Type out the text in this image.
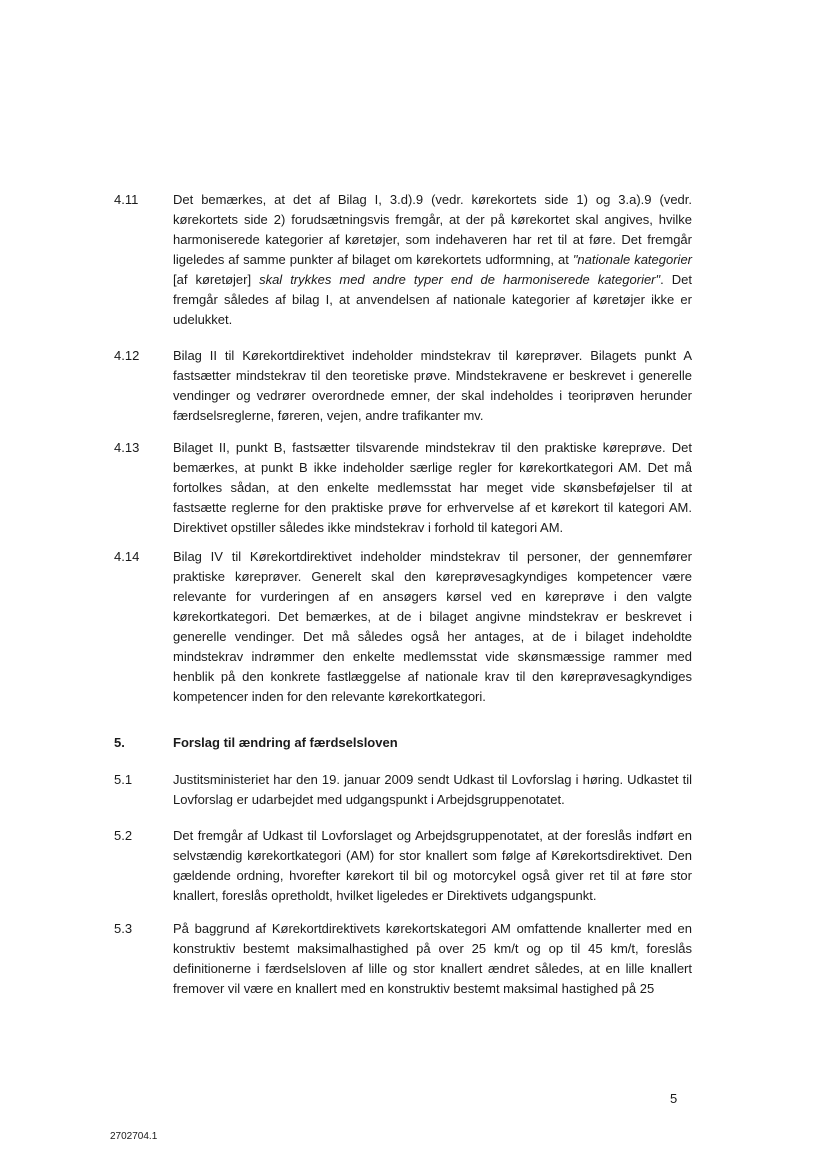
4.11	Det bemærkes, at det af Bilag I, 3.d).9 (vedr. kørekortets side 1) og 3.a).9 (vedr. kørekortets side 2) forudsætningsvis fremgår, at der på kørekortet skal angives, hvilke harmoniserede kategorier af køretøjer, som indehaveren har ret til at føre. Det fremgår ligeledes af samme punkter af bilaget om kørekortets udformning, at "nationale kategorier [af køretøjer] skal trykkes med andre typer end de harmoniserede kategorier". Det fremgår således af bilag I, at anvendelsen af nationale kategorier af køretøjer ikke er udelukket.
4.12	Bilag II til Kørekortdirektivet indeholder mindstekrav til køreprøver. Bilagets punkt A fastsætter mindstekrav til den teoretiske prøve. Mindstekravene er beskrevet i generelle vendinger og vedrører overordnede emner, der skal indeholdes i teoriprøven herunder færdselsreglerne, føreren, vejen, andre trafikanter mv.
4.13	Bilaget II, punkt B, fastsætter tilsvarende mindstekrav til den praktiske køreprøve. Det bemærkes, at punkt B ikke indeholder særlige regler for kørekortkategori AM. Det må fortolkes sådan, at den enkelte medlemsstat har meget vide skønsbeføjelser til at fastsætte reglerne for den praktiske prøve for erhvervelse af et kørekort til kategori AM. Direktivet opstiller således ikke mindstekrav i forhold til kategori AM.
4.14	Bilag IV til Kørekortdirektivet indeholder mindstekrav til personer, der gennemfører praktiske køreprøver. Generelt skal den køreprøvesagkyndiges kompetencer være relevante for vurderingen af en ansøgers kørsel ved en køreprøve i den valgte kørekortkategori. Det bemærkes, at de i bilaget angivne mindstekrav er beskrevet i generelle vendinger. Det må således også her antages, at de i bilaget indeholdte mindstekrav indrømmer den enkelte medlemsstat vide skønsmæssige rammer med henblik på den konkrete fastlæggelse af nationale krav til den køreprøvesagkyndiges kompetencer inden for den relevante kørekortkategori.
5.	Forslag til ændring af færdselsloven
5.1	Justitsministeriet har den 19. januar 2009 sendt Udkast til Lovforslag i høring. Udkastet til Lovforslag er udarbejdet med udgangspunkt i Arbejdsgruppenotatet.
5.2	Det fremgår af Udkast til Lovforslaget og Arbejdsgruppenotatet, at der foreslås indført en selvstændig kørekortkategori (AM) for stor knallert som følge af Kørekortsdirektivet. Den gældende ordning, hvorefter kørekort til bil og motorcykel også giver ret til at føre stor knallert, foreslås opretholdt, hvilket ligeledes er Direktivets udgangspunkt.
5.3	På baggrund af Kørekortdirektivets kørekortskategori AM omfattende knallerter med en konstruktiv bestemt maksimalhastighed på over 25 km/t og op til 45 km/t, foreslås definitionerne i færdselsloven af lille og stor knallert ændret således, at en lille knallert fremover vil være en knallert med en konstruktiv bestemt maksimal hastighed på 25
5
2702704.1
